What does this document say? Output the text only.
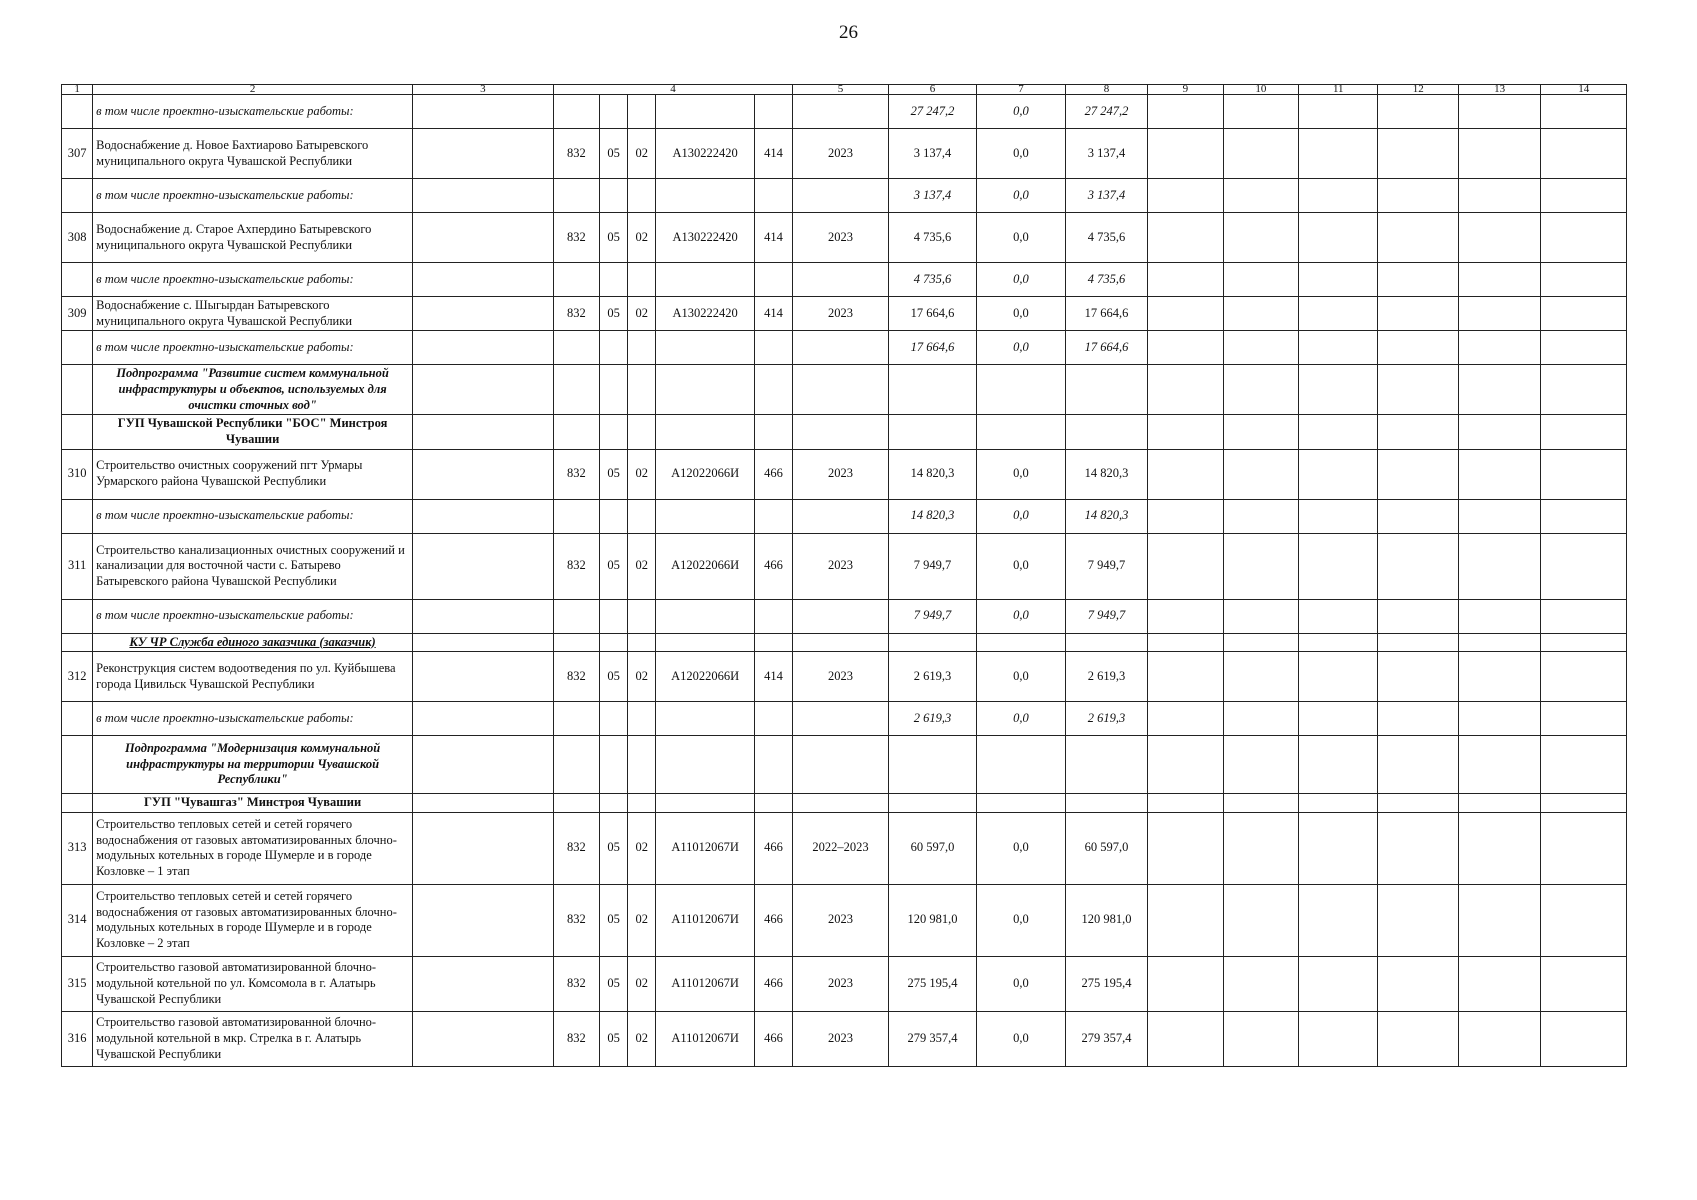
26
1	2	3	4					5	6	7	8	9	10	11	12	13	14
	в том числе проектно-изыскательские работы:								27 247,2	0,0	27 247,2						
307	Водоснабжение д. Новое Бахтиарово Батыревского муниципального округа Чувашской Республики		832	05	02	А130222420	414	2023	3 137,4	0,0	3 137,4						
	в том числе проектно-изыскательские работы:								3 137,4	0,0	3 137,4						
308	Водоснабжение д. Старое Ахпердино Батыревского муниципального округа Чувашской Республики		832	05	02	А130222420	414	2023	4 735,6	0,0	4 735,6						
	в том числе проектно-изыскательские работы:								4 735,6	0,0	4 735,6						
309	Водоснабжение с. Шыгырдан Батыревского муниципального округа Чувашской Республики		832	05	02	А130222420	414	2023	17 664,6	0,0	17 664,6						
	в том числе проектно-изыскательские работы:								17 664,6	0,0	17 664,6						
	Подпрограмма "Развитие систем коммунальной инфраструктуры и объектов, используемых для очистки сточных вод"																
	ГУП Чувашской Республики "БОС" Минстроя Чувашии																
310	Строительство очистных сооружений пгт Урмары Урмарского района Чувашской Республики		832	05	02	А12022066И	466	2023	14 820,3	0,0	14 820,3						
	в том числе проектно-изыскательские работы:								14 820,3	0,0	14 820,3						
311	Строительство канализационных очистных сооружений и канализации для восточной части с. Батырево Батыревского района Чувашской Республики		832	05	02	А12022066И	466	2023	7 949,7	0,0	7 949,7						
	в том числе проектно-изыскательские работы:								7 949,7	0,0	7 949,7						
	КУ ЧР Служба единого заказчика (заказчик)																
312	Реконструкция систем водоотведения по ул. Куйбышева города Цивильск Чувашской Республики		832	05	02	А12022066И	414	2023	2 619,3	0,0	2 619,3						
	в том числе проектно-изыскательские работы:								2 619,3	0,0	2 619,3						
	Подпрограмма "Модернизация коммунальной инфраструктуры на территории Чувашской Республики"																
	ГУП "Чувашгаз" Минстроя Чувашии																
313	Строительство тепловых сетей и сетей горячего водоснабжения от газовых автоматизированных блочно-модульных котельных в городе Шумерле и в городе Козловке – 1 этап		832	05	02	А11012067И	466	2022–2023	60 597,0	0,0	60 597,0						
314	Строительство тепловых сетей и сетей горячего водоснабжения от газовых автоматизированных блочно-модульных котельных в городе Шумерле и в городе Козловке – 2 этап		832	05	02	А11012067И	466	2023	120 981,0	0,0	120 981,0						
315	Строительство газовой автоматизированной блочно-модульной котельной по ул. Комсомола в г. Алатырь Чувашской Республики		832	05	02	А11012067И	466	2023	275 195,4	0,0	275 195,4						
316	Строительство газовой автоматизированной блочно-модульной котельной в мкр. Стрелка в г. Алатырь Чувашской Республики		832	05	02	А11012067И	466	2023	279 357,4	0,0	279 357,4						
